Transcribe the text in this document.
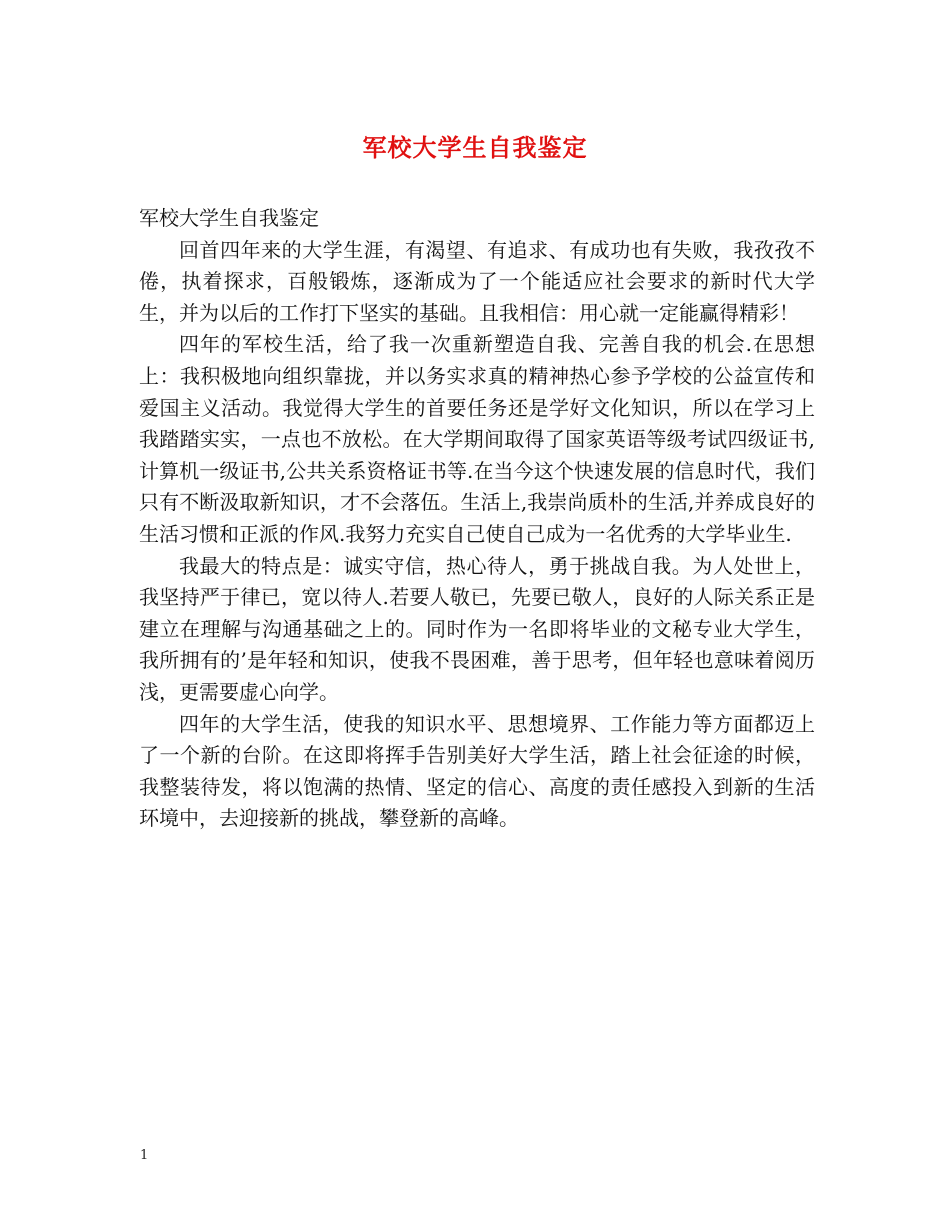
军校大学生自我鉴定

军校大学生自我鉴定

回首四年来的大学生涯，有渴望、有追求、有成功也有失败，我孜孜不倦，执着探求，百般锻炼，逐渐成为了一个能适应社会要求的新时代大学生，并为以后的工作打下坚实的基础。且我相信：用心就一定能赢得精彩！

四年的军校生活，给了我一次重新塑造自我、完善自我的机会.在思想上：我积极地向组织靠拢，并以务实求真的精神热心参予学校的公益宣传和爱国主义活动。我觉得大学生的首要任务还是学好文化知识，所以在学习上我踏踏实实，一点也不放松。在大学期间取得了国家英语等级考试四级证书,计算机一级证书,公共关系资格证书等.在当今这个快速发展的信息时代，我们只有不断汲取新知识，才不会落伍。生活上,我崇尚质朴的生活,并养成良好的生活习惯和正派的作风.我努力充实自己使自己成为一名优秀的大学毕业生.

我最大的特点是：诚实守信，热心待人，勇于挑战自我。为人处世上，我坚持严于律已，宽以待人.若要人敬已，先要已敬人，良好的人际关系正是建立在理解与沟通基础之上的。同时作为一名即将毕业的文秘专业大学生，我所拥有的’是年轻和知识，使我不畏困难，善于思考，但年轻也意味着阅历浅，更需要虚心向学。

四年的大学生活，使我的知识水平、思想境界、工作能力等方面都迈上了一个新的台阶。在这即将挥手告别美好大学生活，踏上社会征途的时候，我整装待发，将以饱满的热情、坚定的信心、高度的责任感投入到新的生活环境中，去迎接新的挑战，攀登新的高峰。

1
